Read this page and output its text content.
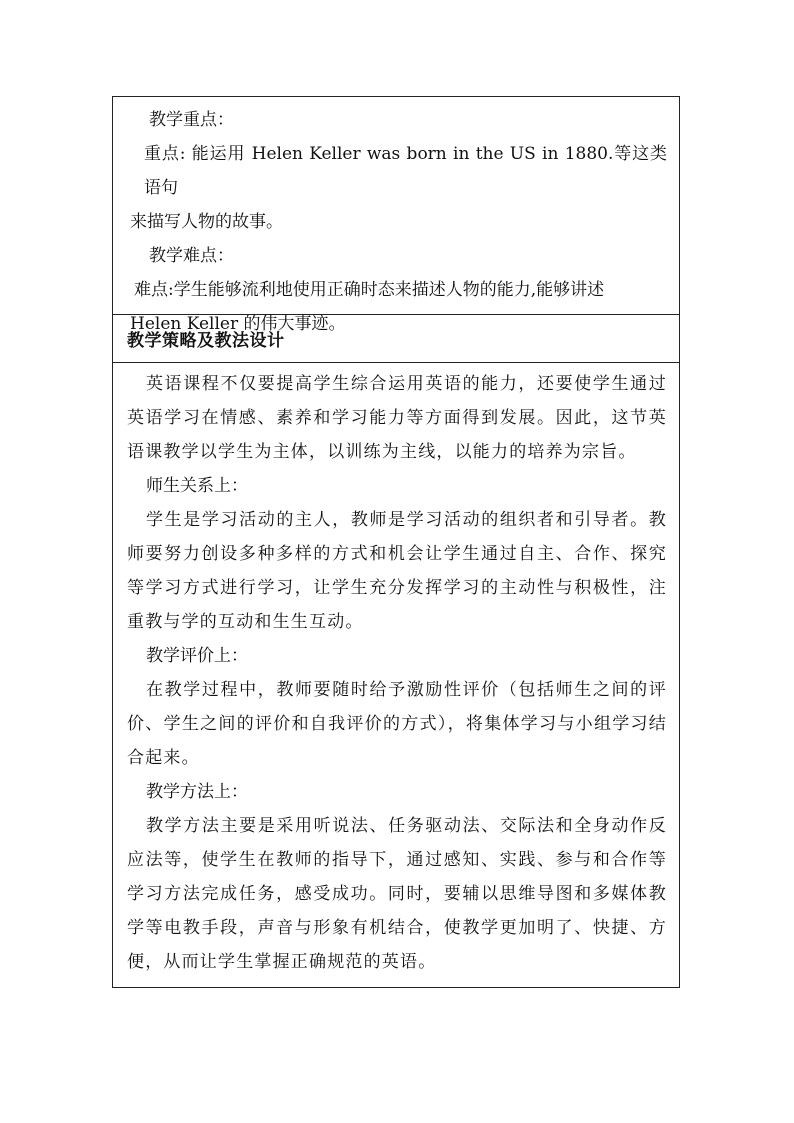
教学重点：

重点: 能运用 Helen Keller was born in the US in 1880.等这类语句

来描写人物的故事。

教学难点：

难点:学生能够流利地使用正确时态来描述人物的能力,能够讲述

Helen Keller 的伟大事迹。

教学策略及教法设计

英语课程不仅要提高学生综合运用英语的能力，还要使学生通过英语学习在情感、素养和学习能力等方面得到发展。因此，这节英语课教学以学生为主体，以训练为主线，以能力的培养为宗旨。

师生关系上：

学生是学习活动的主人，教师是学习活动的组织者和引导者。教师要努力创设多种多样的方式和机会让学生通过自主、合作、探究等学习方式进行学习，让学生充分发挥学习的主动性与积极性，注重教与学的互动和生生互动。

教学评价上：

在教学过程中，教师要随时给予激励性评价（包括师生之间的评价、学生之间的评价和自我评价的方式），将集体学习与小组学习结合起来。

教学方法上：

教学方法主要是采用听说法、任务驱动法、交际法和全身动作反应法等，使学生在教师的指导下，通过感知、实践、参与和合作等学习方法完成任务，感受成功。同时，要辅以思维导图和多媒体教学等电教手段，声音与形象有机结合，使教学更加明了、快捷、方便，从而让学生掌握正确规范的英语。
